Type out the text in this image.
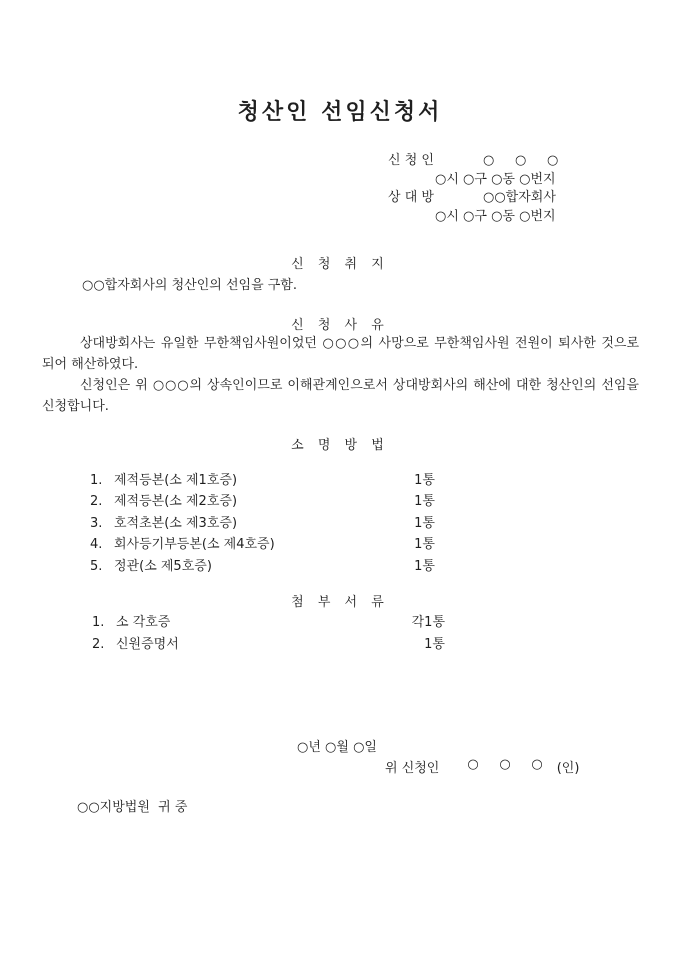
청산인 선임신청서
신 청 인	○     ○     ○
○시 ○구 ○동 ○번지
상 대 방	○○합자회사
○시 ○구 ○동 ○번지
신 청 취 지
○○합자회사의 청산인의 선임을 구함.
신 청 사 유

상대방회사는 유일한 무한책임사원이었던 ○○○의 사망으로 무한책임사원 전원이 퇴사한 것으로 되어 해산하였다.

신청인은 위 ○○○의 상속인이므로 이해관계인으로서 상대방회사의 해산에 대한 청산인의 선임을 신청합니다.

소 명 방 법
1. 제적등본(소 제1호증)	1통
2. 제적등본(소 제2호증)	1통
3. 호적초본(소 제3호증)	1통
4. 회사등기부등본(소 제4호증)	1통
5. 정관(소 제5호증)	1통
첨 부 서 류
1. 소 각호증	각1통
2. 신원증명서	1통
○년 ○월 ○일
위 신청인 ○     ○     ○ (인)
○○지방법원  귀 중
